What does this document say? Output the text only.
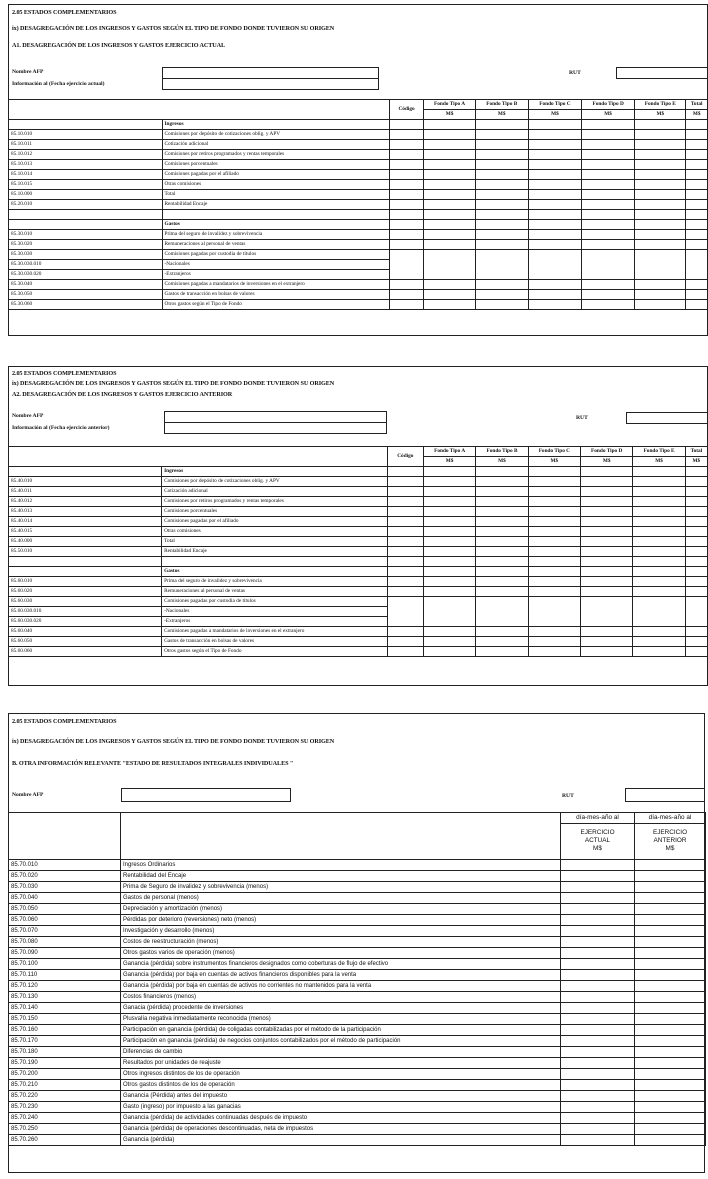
2.05 ESTADOS COMPLEMENTARIOS
ix) DESAGREGACIÓN DE LOS INGRESOS Y GASTOS SEGÚN EL TIPO DE FONDO DONDE TUVIERON SU ORIGEN
A1. DESAGREGACIÓN DE LOS INGRESOS Y GASTOS EJERCICIO ACTUAL
Nombre AFP
Información al (Fecha ejercicio actual)
RUT
		Código	Fondo Tipo A	Fondo Tipo B	Fondo Tipo C	Fondo Tipo D	Fondo Tipo E	Total
			M$	M$	M$	M$	M$	M$
	Ingresos							
85.10.010	Comisiones por depósito de cotizaciones oblig. y APV							
85.10.011	Cotización adicional							
85.10.012	Comisiones por retiros programados y rentas temporales							
85.10.013	Comisiones porcentuales							
85.10.014	Comisiones pagadas por el afiliado							
85.10.015	Otras comisiones							
85.10.000	Total							
85.20.010	Rentabilidad Encaje							

	Gastos							
85.30.010	Prima del seguro de invalidez y sobrevivencia							
85.30.020	Remuneraciones al personal de ventas							
85.30.030	Comisiones pagadas por custodia de títulos							
85.30.030.010	-Nacionales							
85.30.030.020	-Extranjeros							
85.30.040	Comisiones pagadas a mandatarios de inversiones en el extranjero							
85.30.050	Gastos de transacción en bolsas de valores							
85.30.060	Otros gastos según el Tipo de Fondo							
2.05 ESTADOS COMPLEMENTARIOS
ix) DESAGREGACIÓN DE LOS INGRESOS Y GASTOS SEGÚN EL TIPO DE FONDO DONDE TUVIERON SU ORIGEN
A2. DESAGREGACIÓN DE LOS INGRESOS Y GASTOS EJERCICIO ANTERIOR
Nombre AFP
Información al (Fecha ejercicio anterior)
RUT
		Código	Fondo Tipo A	Fondo Tipo B	Fondo Tipo C	Fondo Tipo D	Fondo Tipo E	Total
			M$	M$	M$	M$	M$	M$
	Ingresos							
85.40.010	Comisiones por depósito de cotizaciones oblig. y APV							
85.40.011	Cotización adicional							
85.40.012	Comisiones por retiros programados y rentas temporales							
85.40.013	Comisiones porcentuales							
85.40.014	Comisiones pagadas por el afiliado							
85.40.015	Otras comisiones							
85.40.000	Total							
85.50.010	Rentabilidad Encaje							

	Gastos							
85.60.010	Prima del seguro de invalidez y sobrevivencia							
85.60.020	Remuneraciones al personal de ventas							
85.60.030	Comisiones pagadas por custodia de títulos							
85.60.030.010	-Nacionales							
85.60.030.020	-Extranjeros							
85.60.040	Comisiones pagadas a mandatarios de inversiones en el extranjero							
85.60.050	Gastos de transacción en bolsas de valores							
85.60.060	Otros gastos según el Tipo de Fondo							
2.05 ESTADOS COMPLEMENTARIOS
ix) DESAGREGACIÓN DE LOS INGRESOS Y GASTOS SEGÚN EL TIPO DE FONDO DONDE TUVIERON SU ORIGEN
B. OTRA INFORMACIÓN RELEVANTE "ESTADO DE RESULTADOS INTEGRALES INDIVIDUALES "
Nombre AFP	RUT
		día-mes-año al	día-mes-año al

EJERCICIO
ACTUAL
M$

EJERCICIO
ANTERIOR
M$

85.70.010	Ingresos Ordinarios		
85.70.020	Rentabilidad del Encaje		
85.70.030	Prima de Seguro de invalidez y sobrevivencia (menos)		
85.70.040	Gastos de personal (menos)		
85.70.050	Depreciación y amortización (menos)		
85.70.060	Pérdidas por deterioro (reversiones) neto (menos)		
85.70.070	Investigación y desarrollo (menos)		
85.70.080	Costos de reestructuración (menos)		
85.70.090	Otros gastos varios de operación (menos)		
85.70.100	Ganancia (pérdida) sobre instrumentos financieros designados como coberturas de flujo de efectivo		
85.70.110	Ganancia (pérdida) por baja en cuentas de activos financieros disponibles para la venta		
85.70.120	Ganancia (pérdida) por baja en cuentas de activos no corrientes no mantenidos para la venta		
85.70.130	Costos financieros (menos)		
85.70.140	Ganacia (pérdida) procedente de inversiones		
85.70.150	Plusvalía negativa inmediatamente reconocida (menos)		
85.70.160	Participación en ganancia (pérdida) de coligadas contabilizadas por el método de la participación		
85.70.170	Participación en ganancia (pérdida) de negocios conjuntos contabilizados por el método de participación		
85.70.180	Diferencias de cambio		
85.70.190	Resultados por unidades de reajuste		
85.70.200	Otros ingresos distintos de los de operación		
85.70.210	Otros gastos distintos de los de operación		
85.70.220	Ganancia (Pérdida) antes del impuesto		
85.70.230	Gasto (ingreso) por impuesto a las ganacias		
85.70.240	Ganancia (pérdida) de actividades continuadas después de impuesto		
85.70.250	Ganancia (pérdida) de operaciones descontinuadas, neta de impuestos		
85.70.260	Ganancia (pérdida)		
